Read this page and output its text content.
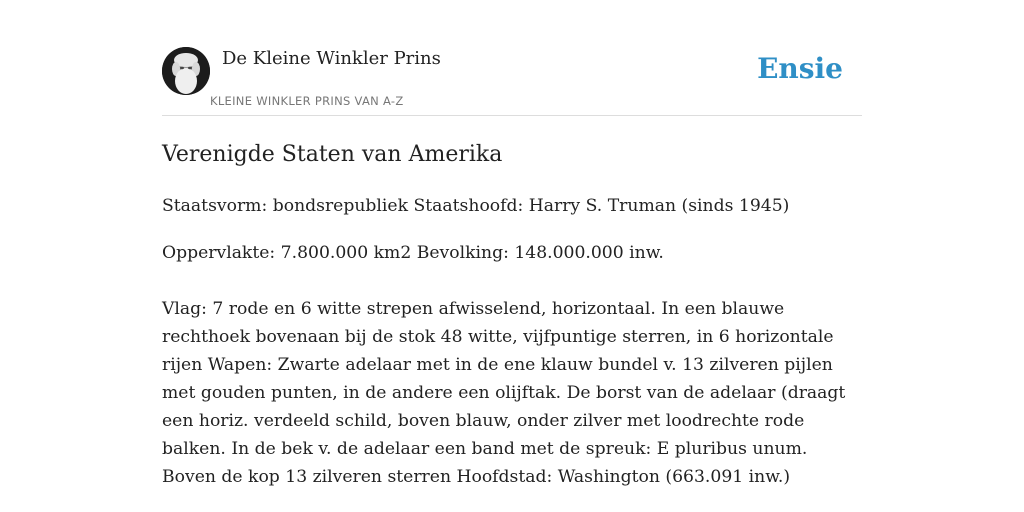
De Kleine Winkler Prins
KLEINE WINKLER PRINS VAN A-Z
Ensie
Verenigde Staten van Amerika

Staatsvorm: bondsrepubliek Staatshoofd: Harry S. Truman (sinds 1945)

Oppervlakte: 7.800.000 km2 Bevolking: 148.000.000 inw.

Vlag: 7 rode en 6 witte strepen afwisselend, horizontaal. In een blauwe rechthoek bovenaan bij de stok 48 witte, vijfpuntige sterren, in 6 horizontale rijen Wapen: Zwarte adelaar met in de ene klauw bundel v. 13 zilveren pijlen met gouden punten, in de andere een olijftak. De borst van de adelaar (draagt een horiz. verdeeld schild, boven blauw, onder zilver met loodrechte rode balken. In de bek v. de adelaar een band met de spreuk: E pluribus unum. Boven de kop 13 zilveren sterren Hoofdstad: Washington (663.091 inw.)
